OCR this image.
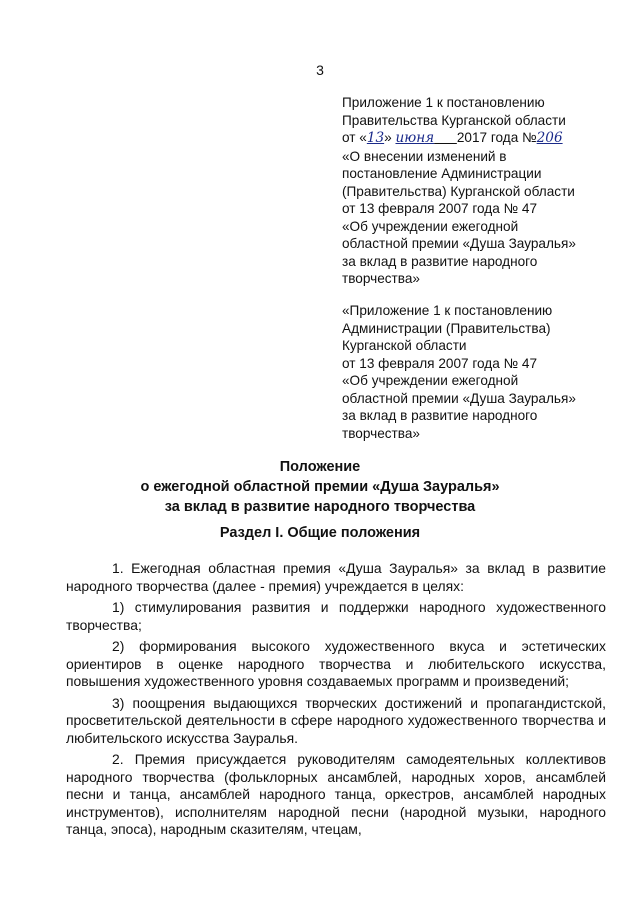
3
Приложение 1 к постановлению
Правительства Курганской области
от «13» июня 2017 года №206
«О внесении изменений в
постановление Администрации
(Правительства) Курганской области
от 13 февраля 2007 года № 47
«Об учреждении ежегодной
областной премии «Душа Зауралья»
за вклад в развитие народного
творчества»
«Приложение 1 к постановлению
Администрации (Правительства)
Курганской области
от 13 февраля 2007 года № 47
«Об учреждении ежегодной
областной премии «Душа Зауралья»
за вклад в развитие народного
творчества»
Положение
о ежегодной областной премии «Душа Зауралья»
за вклад в развитие народного творчества
Раздел I. Общие положения

1. Ежегодная областная премия «Душа Зауралья» за вклад в развитие народного творчества (далее - премия) учреждается в целях:

1) стимулирования развития и поддержки народного художественного творчества;

2) формирования высокого художественного вкуса и эстетических ориентиров в оценке народного творчества и любительского искусства, повышения художественного уровня создаваемых программ и произведений;

3) поощрения выдающихся творческих достижений и пропагандистской, просветительской деятельности в сфере народного художественного творчества и любительского искусства Зауралья.

2. Премия присуждается руководителям самодеятельных коллективов народного творчества (фольклорных ансамблей, народных хоров, ансамблей песни и танца, ансамблей народного танца, оркестров, ансамблей народных инструментов), исполнителям народной песни (народной музыки, народного танца, эпоса), народным сказителям, чтецам,
